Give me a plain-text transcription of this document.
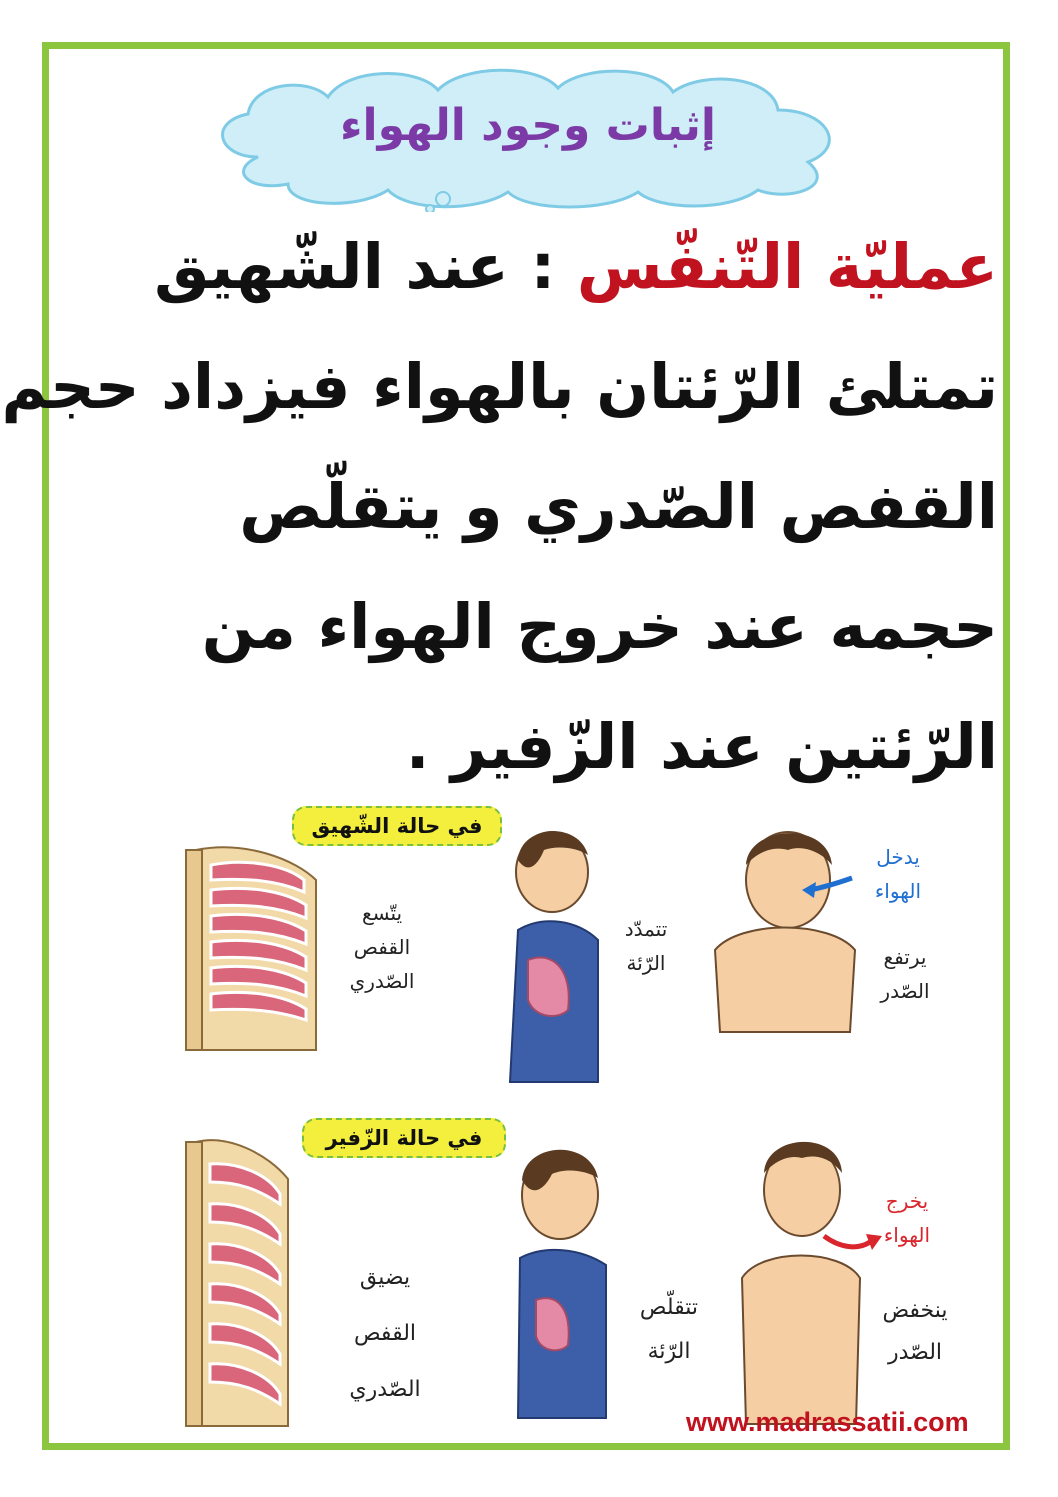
إثبات وجود الهواء
عمليّة التّنفّس : عند الشّهيق
تمتلئ الرّئتان بالهواء فيزداد حجم
القفص الصّدري و يتقلّص
حجمه عند خروج الهواء من
الرّئتين عند الزّفير .
في حالة الشّهيق
يتّسع
القفص
الصّدري
تتمدّد
الرّئة
يدخل
الهواء
يرتفع
الصّدر
في حالة الزّفير
يضيق
القفص
الصّدري
تتقلّص
الرّئة
يخرج
الهواء
ينخفض
الصّدر
www.madrassatii.com
